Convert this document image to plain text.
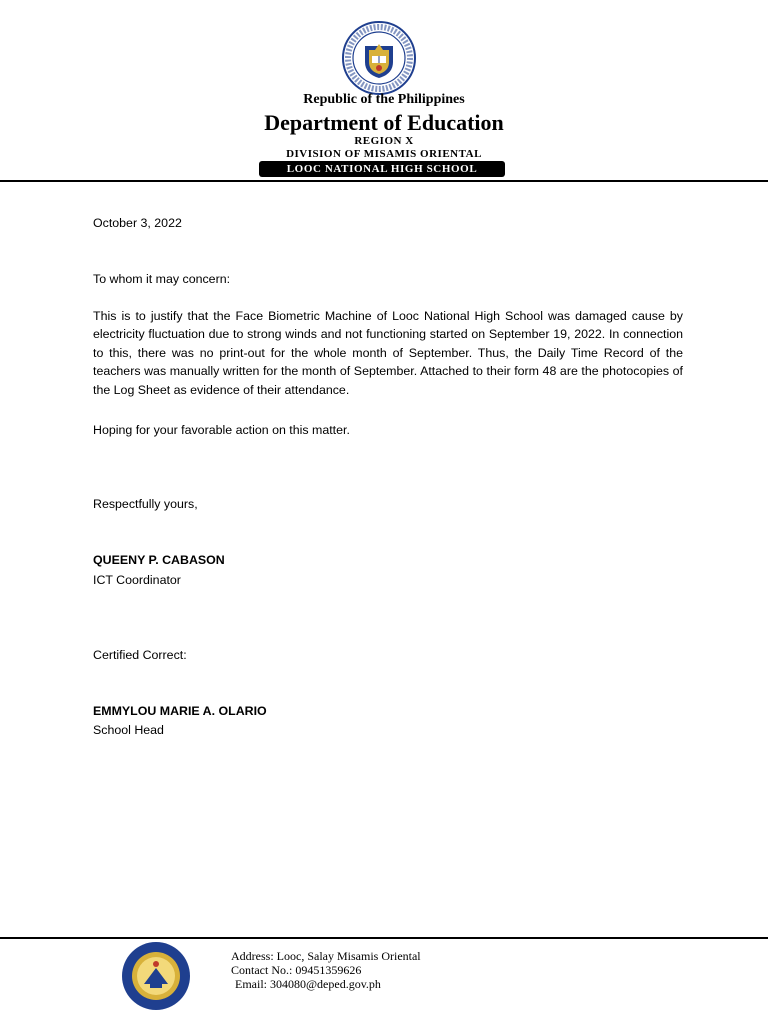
Republic of the Philippines
Department of Education
REGION X
DIVISION OF MISAMIS ORIENTAL
LOOC NATIONAL HIGH SCHOOL
October 3, 2022
To whom it may concern:
This is to justify that the Face Biometric Machine of Looc National High School was damaged cause by electricity fluctuation due to strong winds and not functioning started on September 19, 2022. In connection to this, there was no print-out for the whole month of September. Thus, the Daily Time Record of the teachers was manually written for the month of September. Attached to their form 48 are the photocopies of the Log Sheet as evidence of their attendance.
Hoping for your favorable action on this matter.
Respectfully yours,
QUEENY P. CABASON
ICT Coordinator
Certified Correct:
EMMYLOU MARIE A. OLARIO
School Head
Address: Looc, Salay Misamis Oriental
Contact No.: 09451359626
Email: 304080@deped.gov.ph
